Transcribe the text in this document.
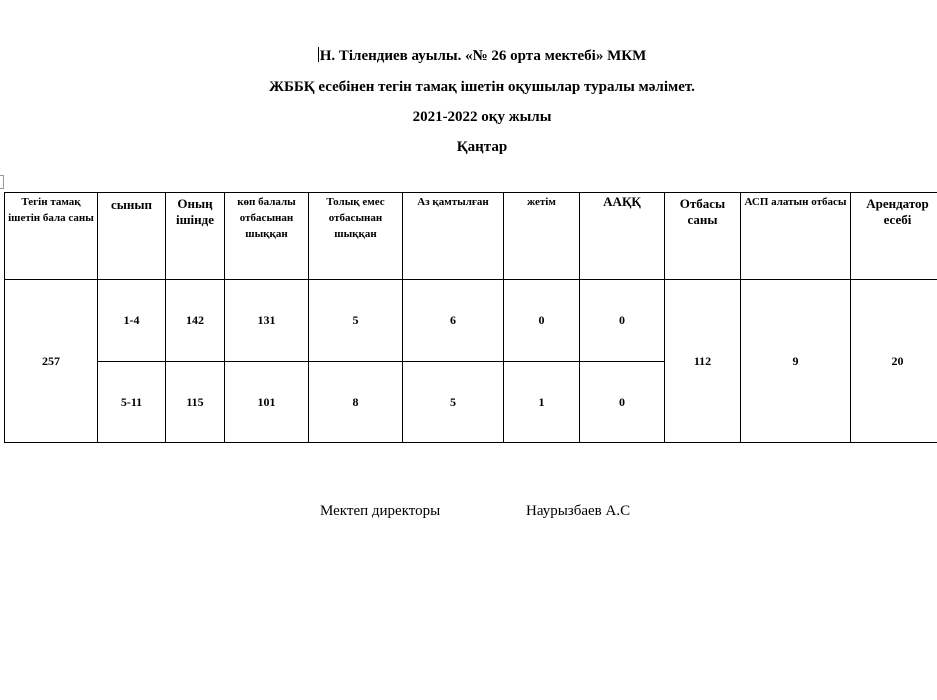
Н. Тілендиев ауылы. «№ 26 орта мектебі» МКМ
ЖББҚ есебінен тегін тамақ ішетін оқушылар туралы мәлімет.
2021-2022 оқу жылы
Қаңтар
Тегін тамақ ішетін бала саны	сынып	Оның ішінде	көп балалы отбасынан шыққан	Толық емес отбасынан шыққан	Аз қамтылған	жетім	ААҚҚ	Отбасы саны	АСП алатын отбасы	Арендатор есебі
257	1-4	142	131	5	6	0	0	112	9	20
	5-11	115	101	8	5	1	0			
Мектеп директоры	Наурызбаев А.С
